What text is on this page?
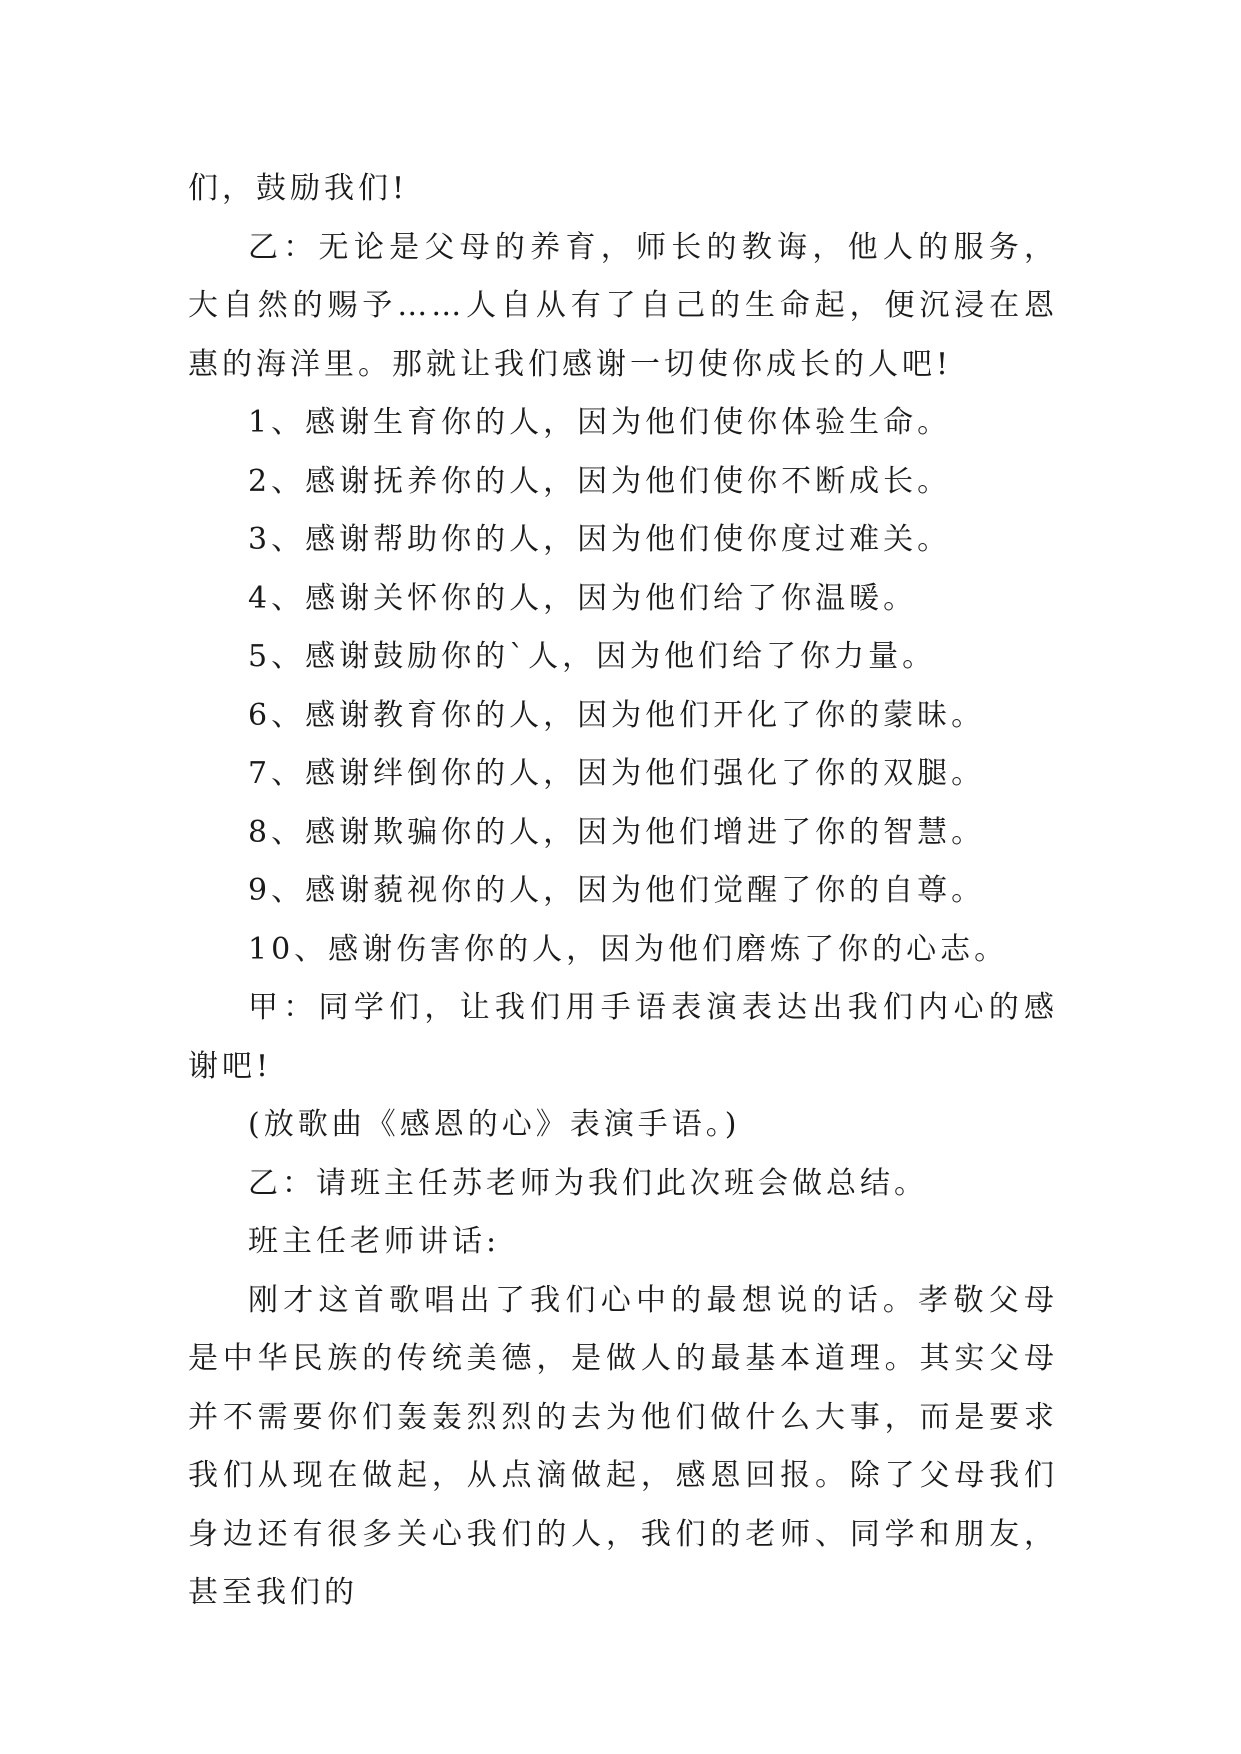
们，鼓励我们!

乙：无论是父母的养育，师长的教诲，他人的服务，大自然的赐予……人自从有了自己的生命起，便沉浸在恩惠的海洋里。那就让我们感谢一切使你成长的人吧!

1、感谢生育你的人，因为他们使你体验生命。

2、感谢抚养你的人，因为他们使你不断成长。

3、感谢帮助你的人，因为他们使你度过难关。

4、感谢关怀你的人，因为他们给了你温暖。

5、感谢鼓励你的`人，因为他们给了你力量。

6、感谢教育你的人，因为他们开化了你的蒙昧。

7、感谢绊倒你的人，因为他们强化了你的双腿。

8、感谢欺骗你的人，因为他们增进了你的智慧。

9、感谢藐视你的人，因为他们觉醒了你的自尊。

10、感谢伤害你的人，因为他们磨炼了你的心志。

甲：同学们，让我们用手语表演表达出我们内心的感谢吧!

(放歌曲《感恩的心》表演手语。)

乙：请班主任苏老师为我们此次班会做总结。

班主任老师讲话:

刚才这首歌唱出了我们心中的最想说的话。孝敬父母是中华民族的传统美德，是做人的最基本道理。其实父母并不需要你们轰轰烈烈的去为他们做什么大事，而是要求我们从现在做起，从点滴做起，感恩回报。除了父母我们身边还有很多关心我们的人，我们的老师、同学和朋友，甚至我们的
